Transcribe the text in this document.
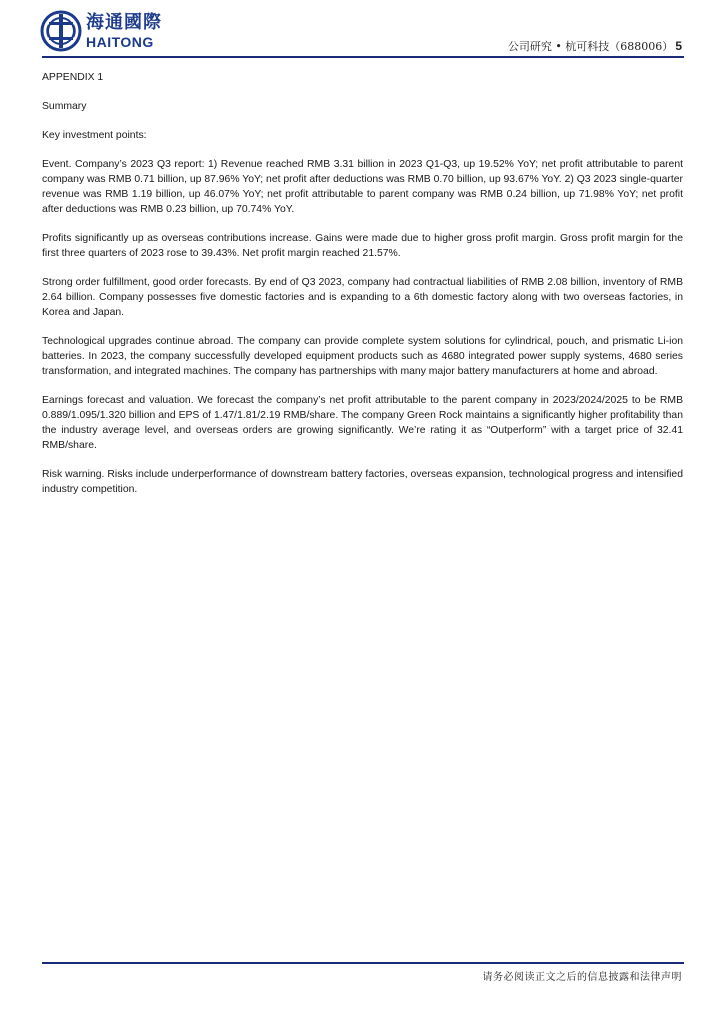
海通國際
HAITONG	公司研究 • 杭可科技（688006） 5

APPENDIX 1

Summary

Key investment points:

Event. Company’s 2023 Q3 report: 1) Revenue reached RMB 3.31 billion in 2023 Q1-Q3, up 19.52% YoY; net profit attributable to parent company was RMB 0.71 billion, up 87.96% YoY; net profit after deductions was RMB 0.70 billion, up 93.67% YoY. 2) Q3 2023 single-quarter revenue was RMB 1.19 billion, up 46.07% YoY; net profit attributable to parent company was RMB 0.24 billion, up 71.98% YoY; net profit after deductions was RMB 0.23 billion, up 70.74% YoY.

Profits significantly up as overseas contributions increase. Gains were made due to higher gross profit margin. Gross profit margin for the first three quarters of 2023 rose to 39.43%. Net profit margin reached 21.57%.

Strong order fulfillment, good order forecasts. By end of Q3 2023, company had contractual liabilities of RMB 2.08 billion, inventory of RMB 2.64 billion. Company possesses five domestic factories and is expanding to a 6th domestic factory along with two overseas factories, in Korea and Japan.

Technological upgrades continue abroad. The company can provide complete system solutions for cylindrical, pouch, and prismatic Li-ion batteries. In 2023, the company successfully developed equipment products such as 4680 integrated power supply systems, 4680 series transformation, and integrated machines. The company has partnerships with many major battery manufacturers at home and abroad.

Earnings forecast and valuation. We forecast the company’s net profit attributable to the parent company in 2023/2024/2025 to be RMB 0.889/1.095/1.320 billion and EPS of 1.47/1.81/2.19 RMB/share. The company Green Rock maintains a significantly higher profitability than the industry average level, and overseas orders are growing significantly. We’re rating it as “Outperform” with a target price of 32.41 RMB/share.

Risk warning. Risks include underperformance of downstream battery factories, overseas expansion, technological progress and intensified industry competition.

请务必阅读正文之后的信息披露和法律声明
